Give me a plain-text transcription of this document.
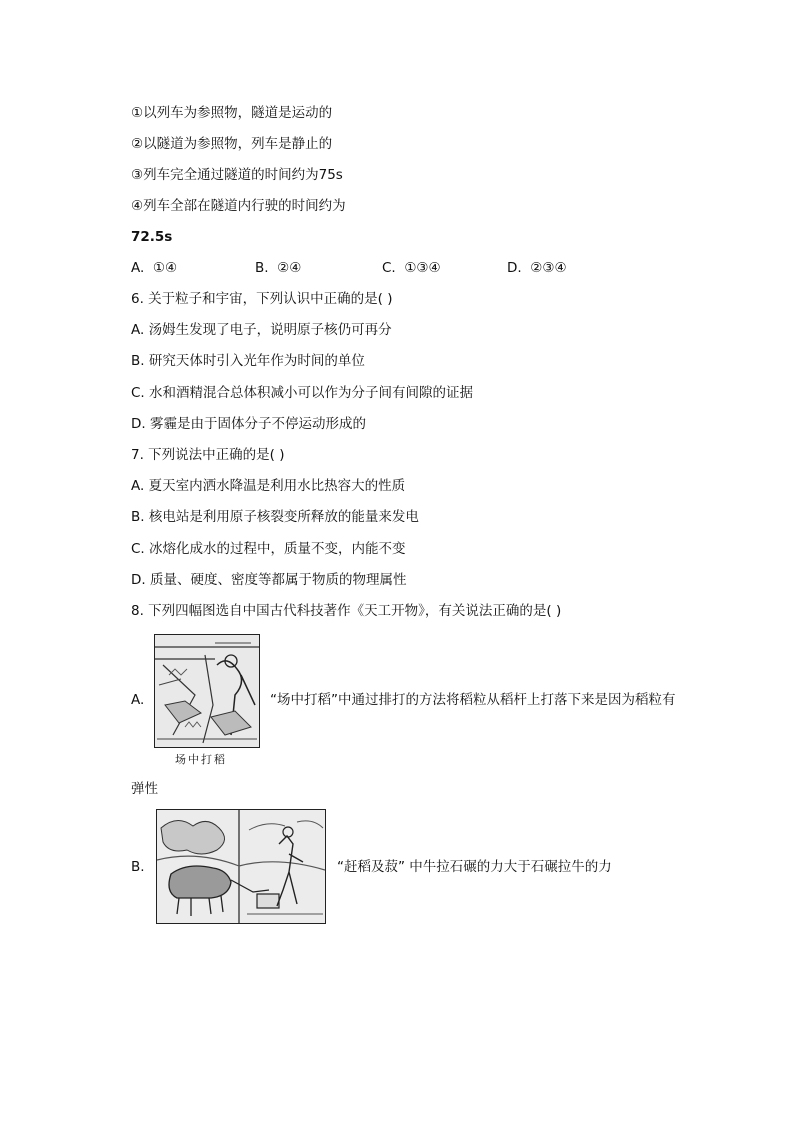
①以列车为参照物，隧道是运动的
②以隧道为参照物，列车是静止的
③列车完全通过隧道的时间约为75s
④列车全部在隧道内行驶的时间约为
72.5s
A. ①④	B. ②④	C. ①③④	D. ②③④
6. 关于粒子和宇宙，下列认识中正确的是( )
A. 汤姆生发现了电子，说明原子核仍可再分
B. 研究天体时引入光年作为时间的单位
C. 水和酒精混合总体积减小可以作为分子间有间隙的证据
D. 雾霾是由于固体分子不停运动形成的
7. 下列说法中正确的是( )
A. 夏天室内洒水降温是利用水比热容大的性质
B. 核电站是利用原子核裂变所释放的能量来发电
C. 冰熔化成水的过程中，质量不变，内能不变
D. 质量、硬度、密度等都属于物质的物理属性
8. 下列四幅图选自中国古代科技著作《天工开物》，有关说法正确的是( )
A.
场中打稻
“场中打稻”中通过排打的方法将稻粒从稻杆上打落下来是因为稻粒有
弹性
B.	“赶稻及菽” 中牛拉石碾的力大于石碾拉牛的力
